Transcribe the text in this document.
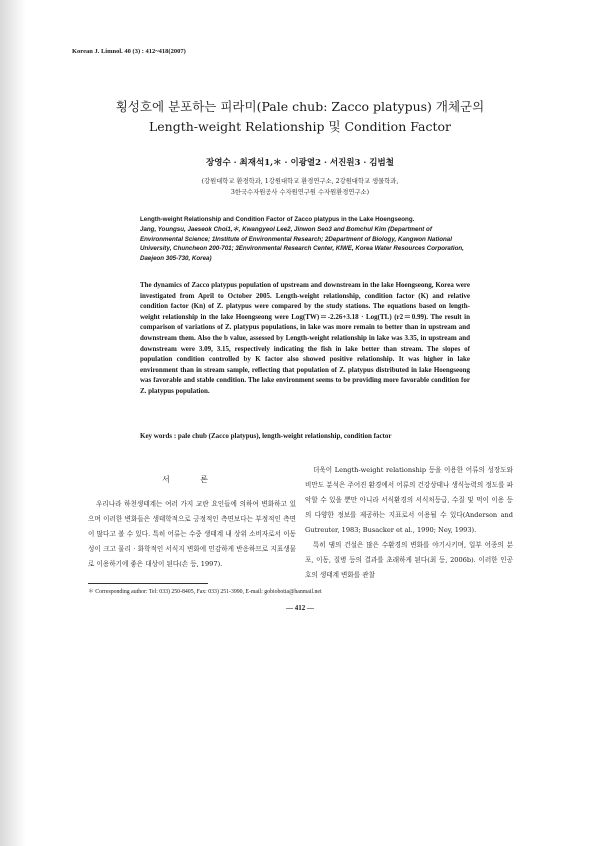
Korean J. Limnol. 40 (3) : 412~418(2007)
횡성호에 분포하는 피라미(Pale chub: Zacco platypus) 개체군의
Length-weight Relationship 및 Condition Factor
장영수 · 최재석1,＊ · 이광열2 · 서진원3 · 김범철
(강원대학교 환경학과, 1강원대학교 환경연구소, 2강원대학교 생물학과,
3한국수자원공사 수자원연구원 수자원환경연구소)
Length-weight Relationship and Condition Factor of Zacco platypus in the Lake Hoengseong.
Jang, Youngsu, Jaeseok Choi1,＊, Kwangyeol Lee2, Jinwon Seo3 and Bomchul Kim (Department of Environmental Science; 1Institute of Environmental Research; 2Department of Biology, Kangwon National University, Chuncheon 200-701; 3Environmental Research Center, KIWE, Korea Water Resources Corporation, Daejeon 305-730, Korea)
The dynamics of Zacco platypus population of upstream and downstream in the lake Hoengseong, Korea were investigated from April to October 2005. Length-weight relationship, condition factor (K) and relative condition factor (Kn) of Z. platypus were compared by the study stations. The equations based on length-weight relationship in the lake Hoengseong were Log(TW)＝-2.26+3.18 · Log(TL) (r2＝0.99). The result in comparison of variations of Z. platypus populations, in lake was more remain to better than in upstream and downstream them. Also the b value, assessed by Length-weight relationship in lake was 3.35, in upstream and downstream were 3.09, 3.15, respectively indicating the fish in lake better than stream. The slopes of population condition controlled by K factor also showed positive relationship. It was higher in lake environment than in stream sample, reflecting that population of Z. platypus distributed in lake Hoengseong was favorable and stable condition. The lake environment seems to be providing more favorable condition for Z. platypus population.
Key words : pale chub (Zacco platypus), length-weight relationship, condition factor
서 론

우리나라 하천생태계는 여러 가지 교란 요인들에 의하여 변화하고 있으며 이러한 변화들은 생태학적으로 긍정적인 측면보다는 부정적인 측면이 많다고 볼 수 있다. 특히 어류는 수중 생태계 내 상위 소비자로서 이동성이 크고 물리 · 화학적인 서식지 변화에 민감하게 반응하므로 지표생물로 이용하기에 좋은 대상이 된다(손 등, 1997).

더욱이 Length-weight relationship 등을 이용한 어류의 성장도와 비만도 분석은 주어진 환경에서 어류의 건강상태나 생식능력의 정도를 파악할 수 있을 뿐만 아니라 서식환경의 서식처등급, 수질 및 먹이 이용 등의 다양한 정보를 제공하는 지표로서 이용될 수 있다(Anderson and Gutreuter, 1983; Busacker et al., 1990; Ney, 1993).

특히 댐의 건설은 많은 수환경의 변화를 야기시키며, 일부 어종의 분포, 이동, 질병 등의 결과를 초래하게 된다(최 등, 2006b). 이러한 인공호의 생태계 변화를 관찰

＊ Corresponding author: Tel: 033) 250-8405, Fax: 033) 251-3990, E-mail: gobiobotia@hanmail.net
— 412 —
